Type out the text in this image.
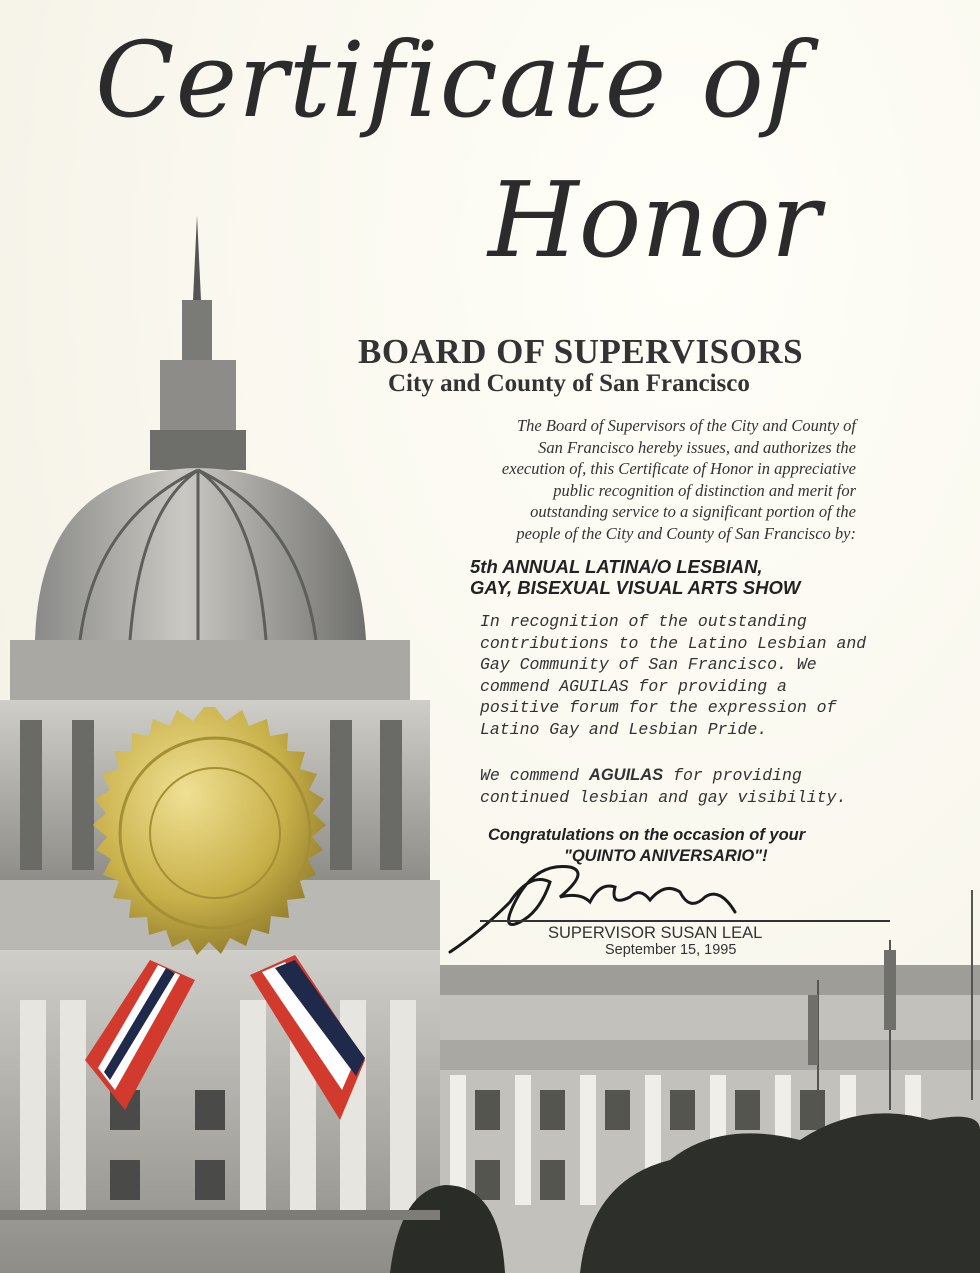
Certificate of
Honor
BOARD OF SUPERVISORS
City and County of San Francisco
The Board of Supervisors of the City and County of
San Francisco hereby issues, and authorizes the
execution of, this Certificate of Honor in appreciative
public recognition of distinction and merit for
outstanding service to a significant portion of the
people of the City and County of San Francisco by:
5th ANNUAL LATINA/O LESBIAN,
GAY, BISEXUAL VISUAL ARTS SHOW
In recognition of the outstanding
contributions to the Latino Lesbian and
Gay Community of San Francisco. We
commend AGUILAS for providing a
positive forum for the expression of
Latino Gay and Lesbian Pride.
We commend AGUILAS for providing
continued lesbian and gay visibility.
Congratulations on the occasion of your
"QUINTO ANIVERSARIO"!
SUPERVISOR SUSAN LEAL
September 15, 1995
